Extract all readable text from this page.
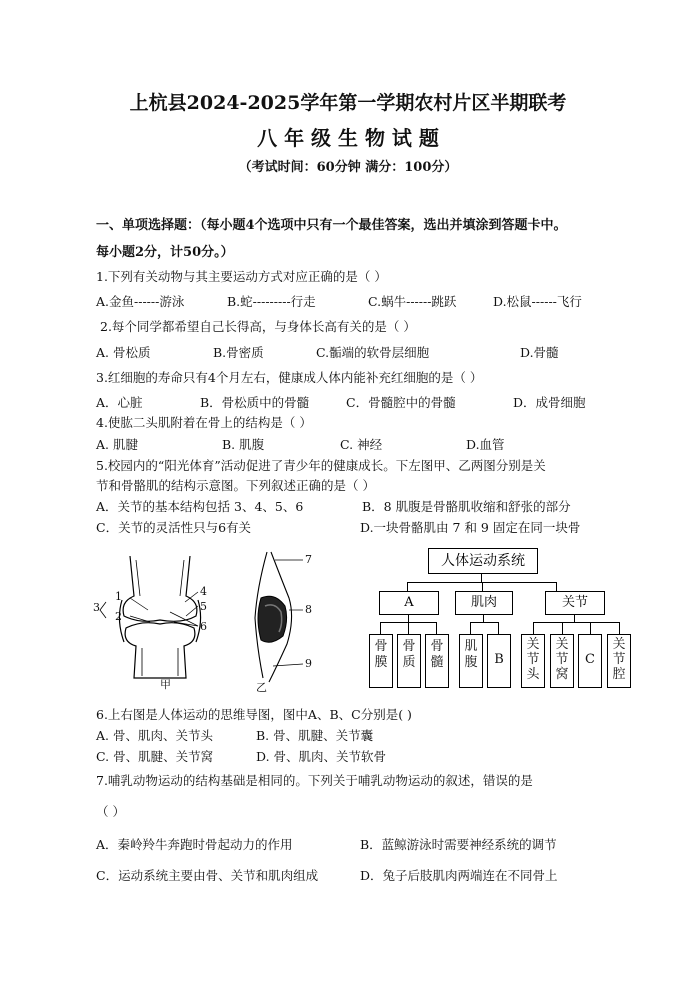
上杭县2024-2025学年第一学期农村片区半期联考
八 年 级 生 物 试 题
（考试时间：60分钟 满分：100分）
一、单项选择题：（每小题4个选项中只有一个最佳答案，选出并填涂到答题卡中。
每小题2分，计50分。）
1.下列有关动物与其主要运动方式对应正确的是（ ）
A.金鱼------游泳	B.蛇---------行走	C.蜗牛------跳跃	D.松鼠------飞行
2.每个同学都希望自己长得高，与身体长高有关的是（ ）
A. 骨松质	B.骨密质	C.骺端的软骨层细胞	D.骨髓
3.红细胞的寿命只有4个月左右，健康成人体内能补充红细胞的是（ ）
A．心脏	B．骨松质中的骨髓	C．骨髓腔中的骨髓	D．成骨细胞
4.使肱二头肌附着在骨上的结构是（ ）
A. 肌腱	B. 肌腹	C. 神经	D.血管
5.校园内的“阳光体育”活动促进了青少年的健康成长。下左图甲、乙两图分别是关
节和骨骼肌的结构示意图。下列叙述正确的是（ ）
A．关节的基本结构包括 3、4、5、6	B．8 肌腹是骨骼肌收缩和舒张的部分
C．关节的灵活性只与6有关	D.一块骨骼肌由 7 和 9 固定在同一块骨
1
2
3
4
5
6
甲
7
8
9
乙
人体运动系统
A	肌肉	关节
骨
膜
骨
质
骨
髓
肌
腹	B
关
节
头
关
节
窝
C
关
节
腔
6.上右图是人体运动的思维导图，图中A、B、C分别是( )
A. 骨、肌肉、关节头	B. 骨、肌腱、关节囊
C. 骨、肌腱、关节窝	D. 骨、肌肉、关节软骨
7.哺乳动物运动的结构基础是相同的。下列关于哺乳动物运动的叙述，错误的是
（ ）
A．秦岭羚牛奔跑时骨起动力的作用	B．蓝鲸游泳时需要神经系统的调节
C．运动系统主要由骨、关节和肌肉组成	D．兔子后肢肌肉两端连在不同骨上
